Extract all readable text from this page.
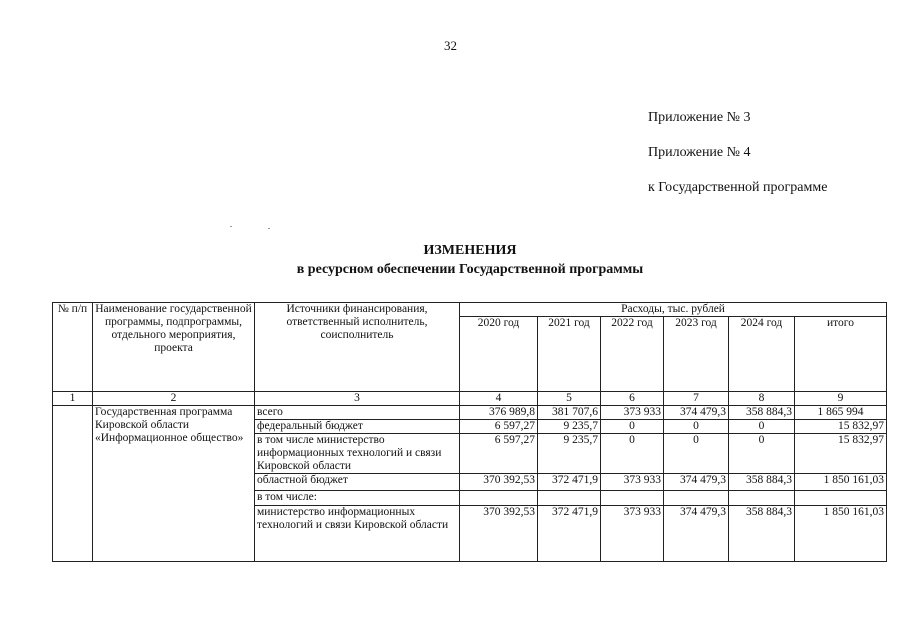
32
Приложение № 3
Приложение № 4
к Государственной программе
ИЗМЕНЕНИЯ
в ресурсном обеспечении Государственной программы
№ п/п	Наименование государственной программы, подпрограммы, отдельного мероприятия, проекта	Источники финансирования, ответственный исполнитель, соисполнитель	Расходы, тыс. рублей					
			2020 год	2021 год	2022 год	2023 год	2024 год	итого
1	2	3	4	5	6	7	8	9
	Государственная программа Кировской области «Информационное общество»	всего	376 989,8	381 707,6	373 933	374 479,3	358 884,3	1 865 994
		федеральный бюджет	6 597,27	9 235,7	0	0	0	15 832,97
		в том числе министерство информационных технологий и связи Кировской области	6 597,27	9 235,7	0	0	0	15 832,97
		областной бюджет	370 392,53	372 471,9	373 933	374 479,3	358 884,3	1 850 161,03
		в том числе:						
		министерство информационных технологий и связи Кировской области	370 392,53	372 471,9	373 933	374 479,3	358 884,3	1 850 161,03
